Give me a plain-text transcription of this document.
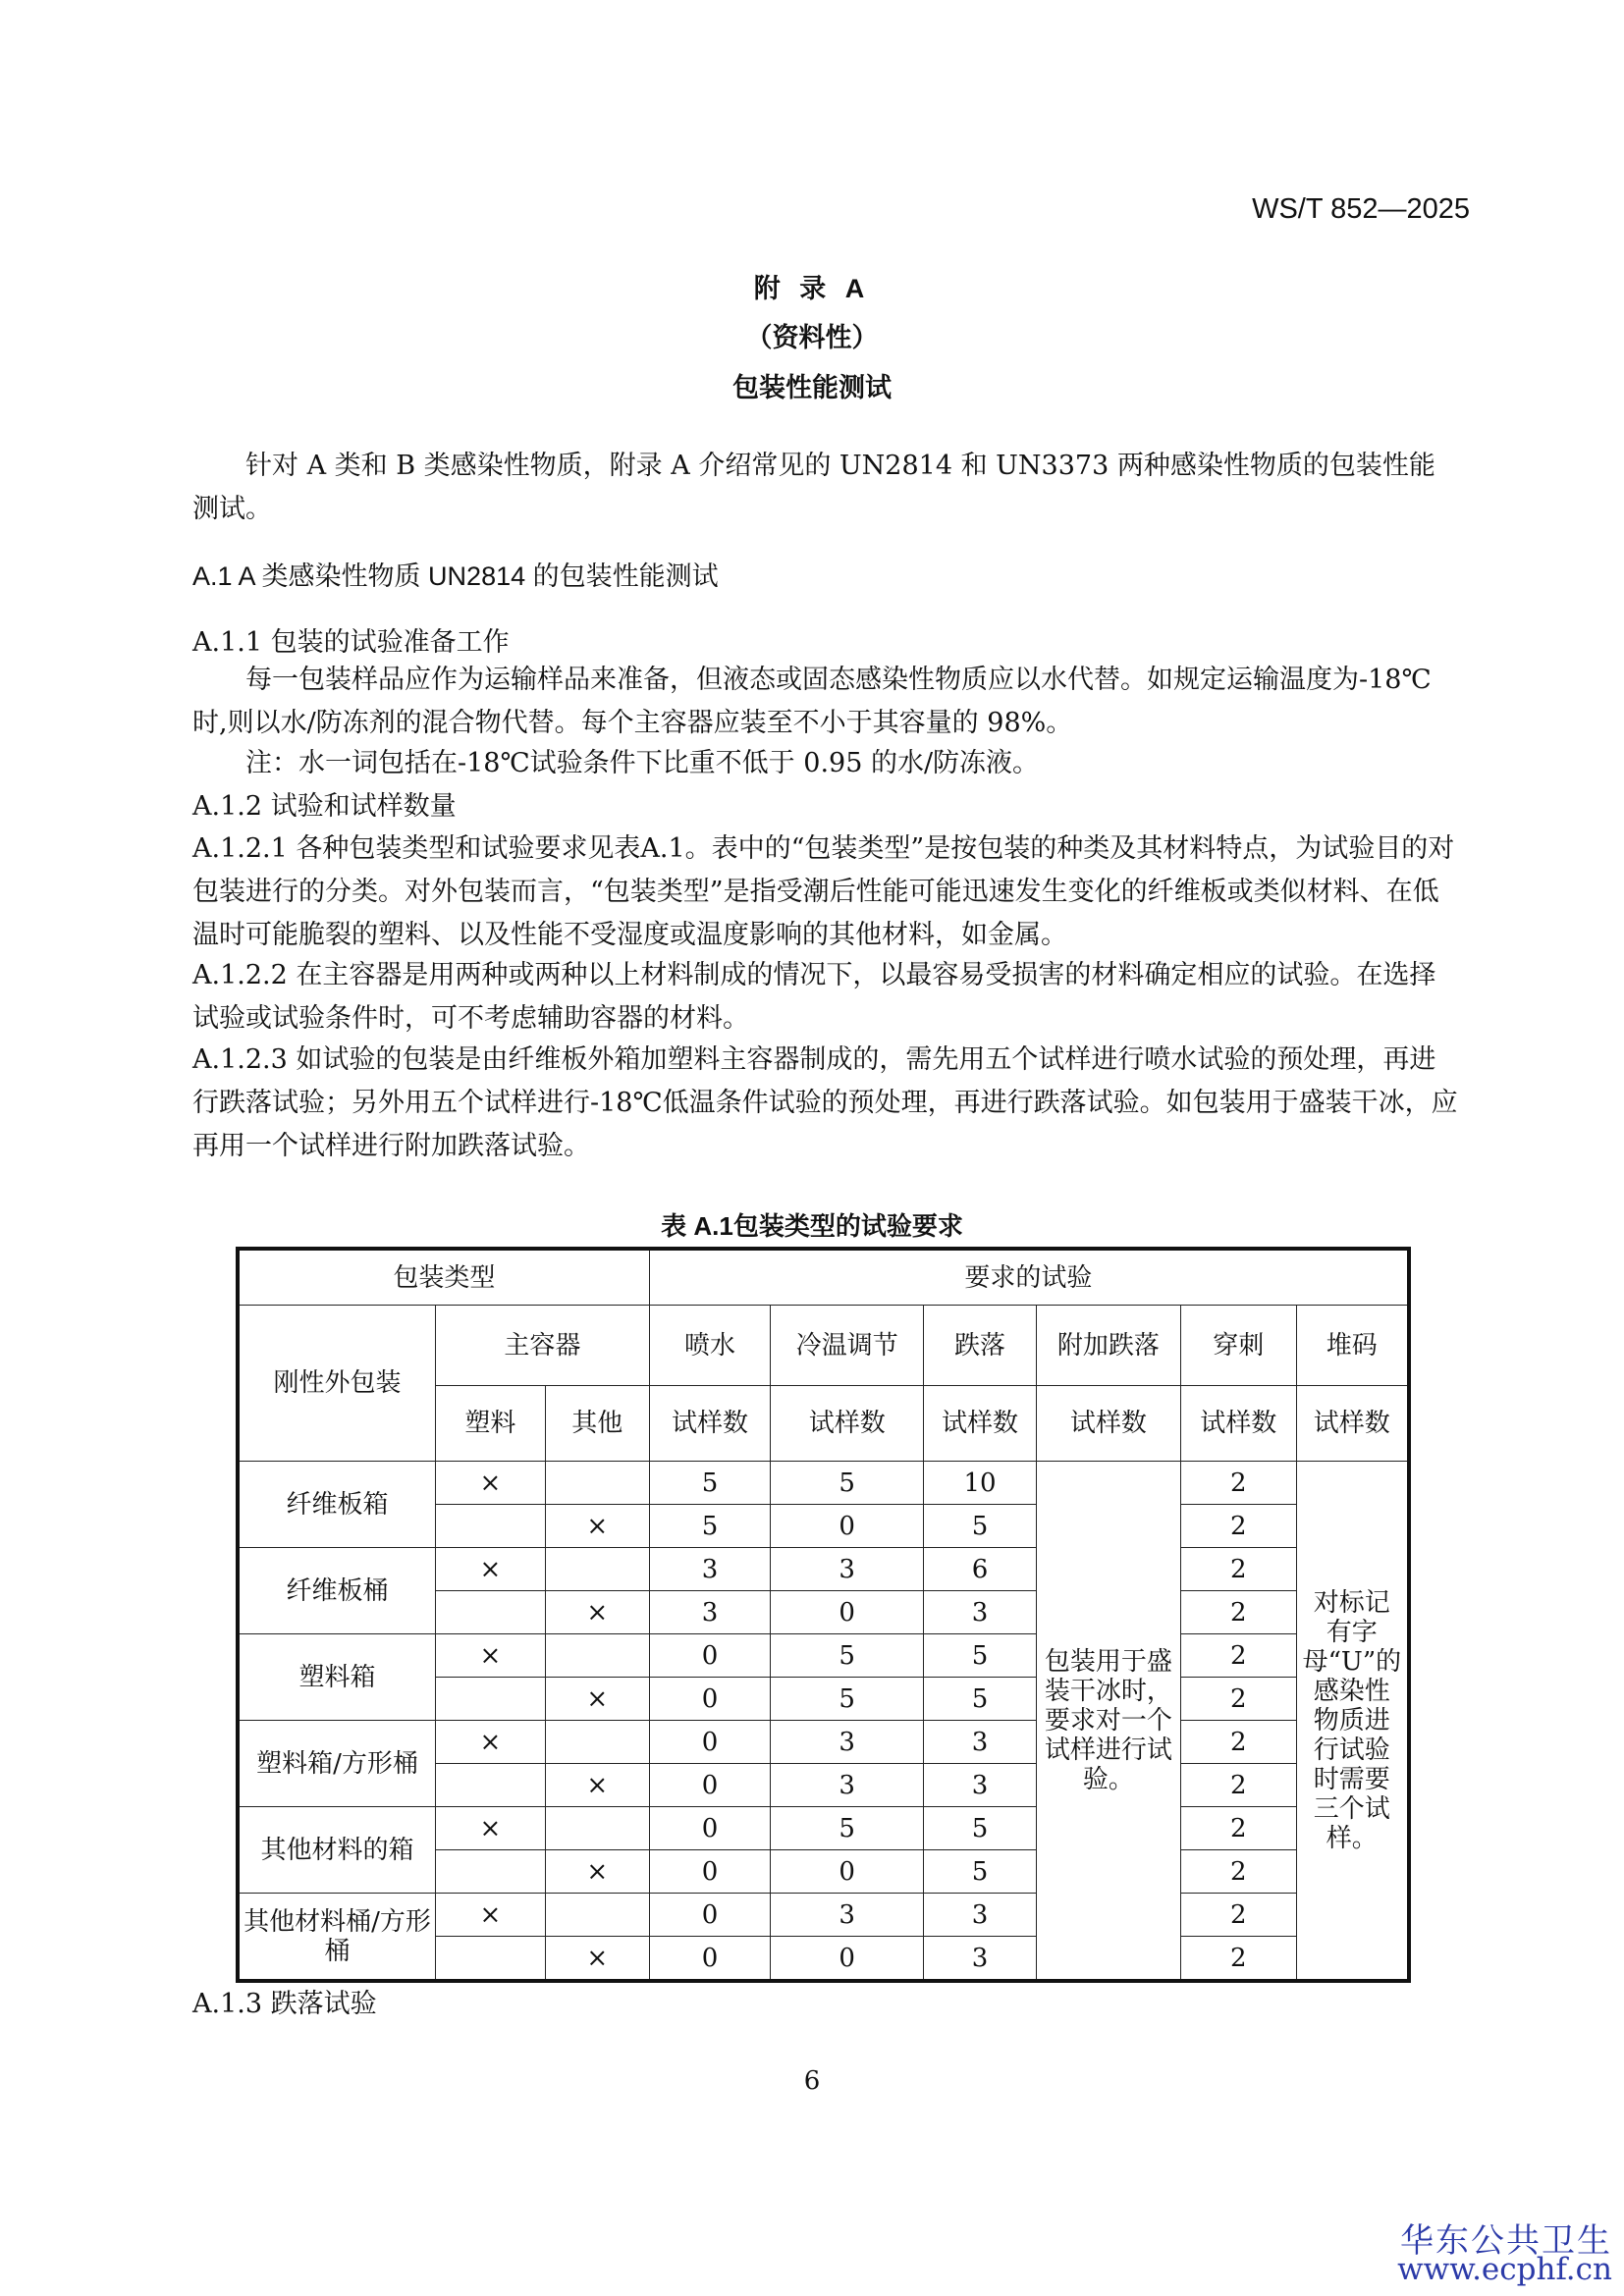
WS/T 852—2025
附 录 A
（资料性）
包装性能测试
针对 A 类和 B 类感染性物质，附录 A 介绍常见的 UN2814 和 UN3373 两种感染性物质的包装性能测试。
A.1 A 类感染性物质 UN2814 的包装性能测试
A.1.1 包装的试验准备工作
每一包装样品应作为运输样品来准备，但液态或固态感染性物质应以水代替。如规定运输温度为-18℃时,则以水/防冻剂的混合物代替。每个主容器应装至不小于其容量的 98%。
注：水一词包括在-18℃试验条件下比重不低于 0.95 的水/防冻液。
A.1.2 试验和试样数量
A.1.2.1 各种包装类型和试验要求见表A.1。表中的“包装类型”是按包装的种类及其材料特点，为试验目的对包装进行的分类。对外包装而言，“包装类型”是指受潮后性能可能迅速发生变化的纤维板或类似材料、在低温时可能脆裂的塑料、以及性能不受湿度或温度影响的其他材料，如金属。
A.1.2.2 在主容器是用两种或两种以上材料制成的情况下，以最容易受损害的材料确定相应的试验。在选择试验或试验条件时，可不考虑辅助容器的材料。
A.1.2.3 如试验的包装是由纤维板外箱加塑料主容器制成的，需先用五个试样进行喷水试验的预处理，再进行跌落试验；另外用五个试样进行-18℃低温条件试验的预处理，再进行跌落试验。如包装用于盛装干冰，应再用一个试样进行附加跌落试验。
表 A.1包装类型的试验要求
包装类型			要求的试验					
刚性外包装	主容器		喷水	冷温调节	跌落	附加跌落	穿刺	堆码
	塑料	其他	试样数	试样数	试样数	试样数	试样数	试样数
纤维板箱	×		5	5	10	包装用于盛装干冰时，要求对一个试样进行试验。	2	对标记有字母“U”的感染性物质进行试验时需要三个试样。
		×	5	0	5		2	
纤维板桶	×		3	3	6		2	
		×	3	0	3		2	
塑料箱	×		0	5	5		2	
		×	0	5	5		2	
塑料箱/方形桶	×		0	3	3		2	
		×	0	3	3		2	
其他材料的箱	×		0	5	5		2	
		×	0	0	5		2	
其他材料桶/方形桶	×		0	3	3		2	
		×	0	0	3		2	
A.1.3 跌落试验
6
华东公共卫生
www.ecphf.cn
